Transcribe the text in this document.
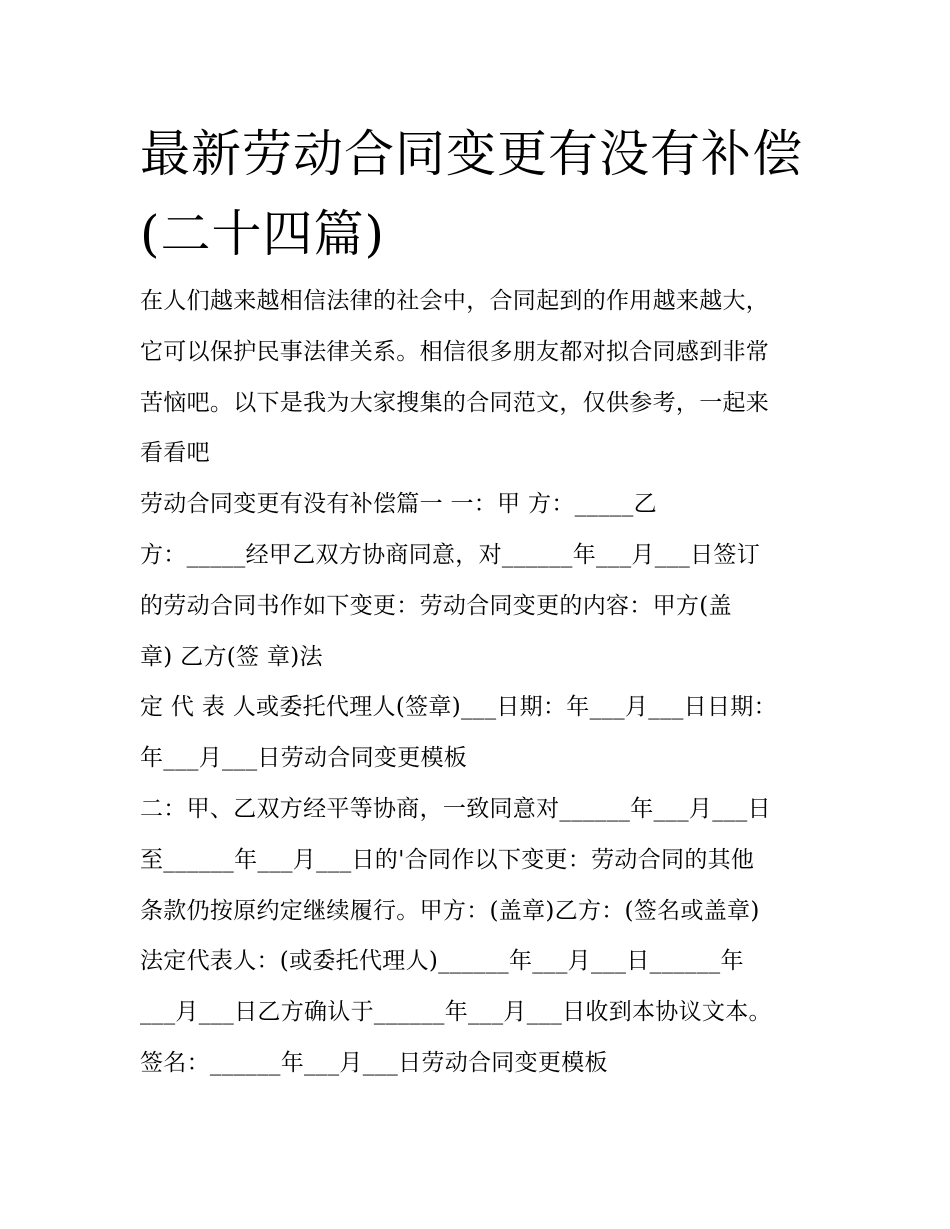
最新劳动合同变更有没有补偿
(二十四篇)
在人们越来越相信法律的社会中，合同起到的作用越来越大，
它可以保护民事法律关系。相信很多朋友都对拟合同感到非常
苦恼吧。以下是我为大家搜集的合同范文，仅供参考，一起来
看看吧
劳动合同变更有没有补偿篇一 一：甲 方：_____乙
方：_____经甲乙双方协商同意，对______年___月___日签订
的劳动合同书作如下变更：劳动合同变更的内容：甲方(盖
章) 乙方(签 章)法
定 代 表 人或委托代理人(签章)___日期：年___月___日日期：
年___月___日劳动合同变更模板
二：甲、乙双方经平等协商，一致同意对______年___月___日
至______年___月___日的'合同作以下变更：劳动合同的其他
条款仍按原约定继续履行。甲方：(盖章)乙方：(签名或盖章)
法定代表人：(或委托代理人)______年___月___日______年
___月___日乙方确认于______年___月___日收到本协议文本。
签名：______年___月___日劳动合同变更模板
